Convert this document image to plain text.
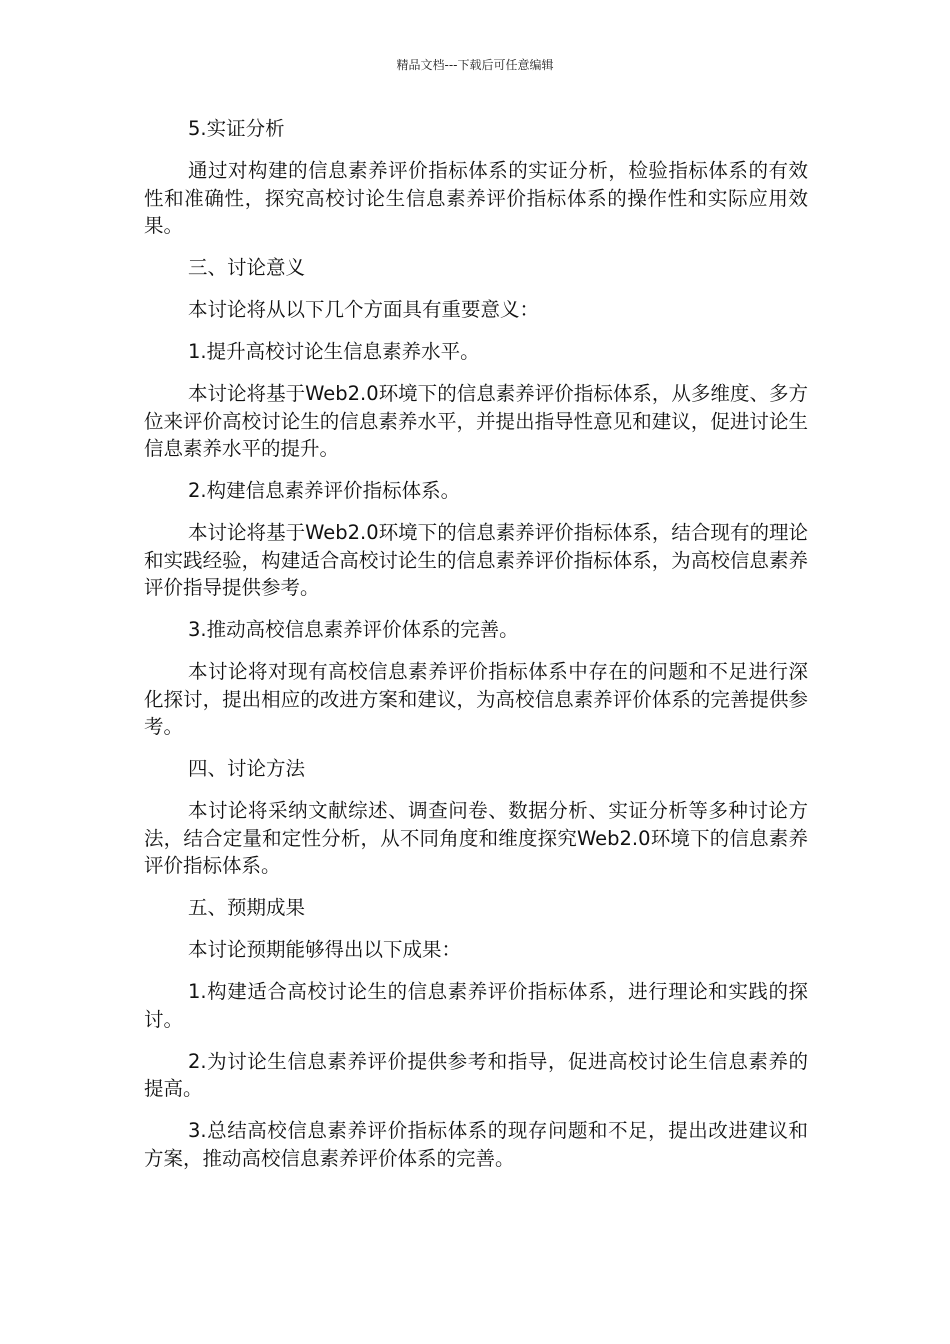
精品文档---下载后可任意编辑

5.实证分析

通过对构建的信息素养评价指标体系的实证分析，检验指标体系的有效性和准确性，探究高校讨论生信息素养评价指标体系的操作性和实际应用效果。

三、讨论意义

本讨论将从以下几个方面具有重要意义：

1.提升高校讨论生信息素养水平。

本讨论将基于Web2.0环境下的信息素养评价指标体系，从多维度、多方位来评价高校讨论生的信息素养水平，并提出指导性意见和建议，促进讨论生信息素养水平的提升。

2.构建信息素养评价指标体系。

本讨论将基于Web2.0环境下的信息素养评价指标体系，结合现有的理论和实践经验，构建适合高校讨论生的信息素养评价指标体系，为高校信息素养评价指导提供参考。

3.推动高校信息素养评价体系的完善。

本讨论将对现有高校信息素养评价指标体系中存在的问题和不足进行深化探讨，提出相应的改进方案和建议，为高校信息素养评价体系的完善提供参考。

四、讨论方法

本讨论将采纳文献综述、调查问卷、数据分析、实证分析等多种讨论方法，结合定量和定性分析，从不同角度和维度探究Web2.0环境下的信息素养评价指标体系。

五、预期成果

本讨论预期能够得出以下成果：

1.构建适合高校讨论生的信息素养评价指标体系，进行理论和实践的探讨。

2.为讨论生信息素养评价提供参考和指导，促进高校讨论生信息素养的提高。

3.总结高校信息素养评价指标体系的现存问题和不足，提出改进建议和方案，推动高校信息素养评价体系的完善。
